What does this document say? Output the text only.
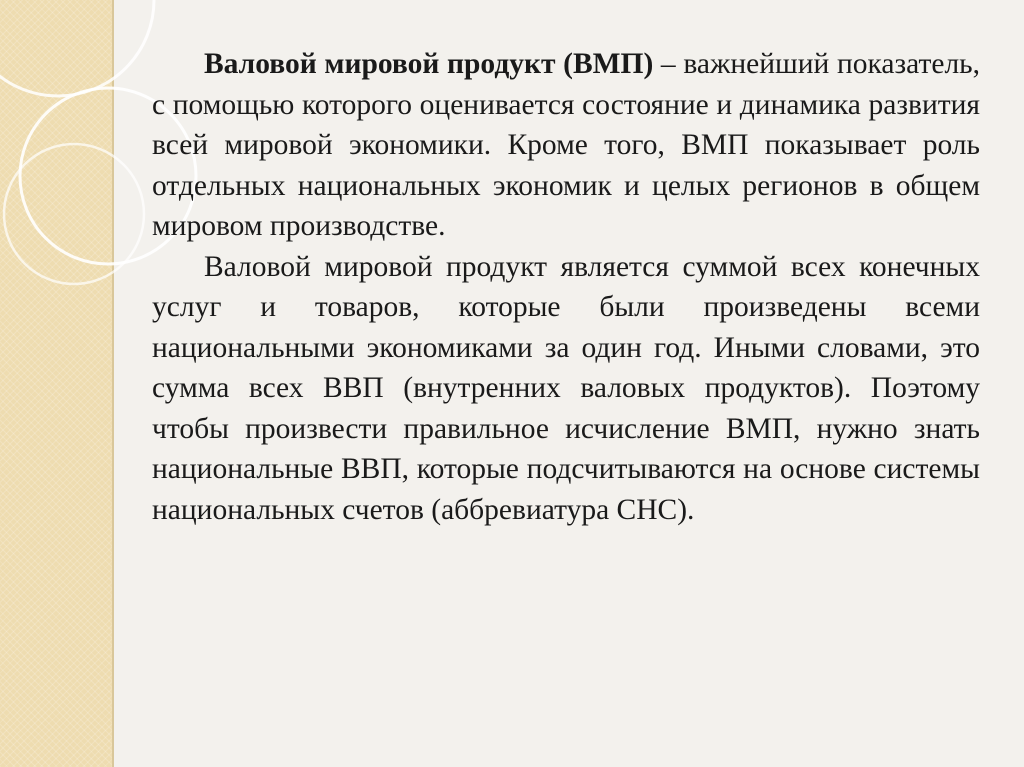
Валовой мировой продукт (ВМП) – важнейший показатель, с помощью которого оценивается состояние и динамика развития всей мировой экономики. Кроме того, ВМП показывает роль отдельных национальных экономик и целых регионов в общем мировом производстве.

Валовой мировой продукт является суммой всех конечных услуг и товаров, которые были произведены всеми национальными экономиками за один год. Иными словами, это сумма всех ВВП (внутренних валовых продуктов). Поэтому чтобы произвести правильное исчисление ВМП, нужно знать национальные ВВП, которые подсчитываются на основе системы национальных счетов (аббревиатура СНС).
